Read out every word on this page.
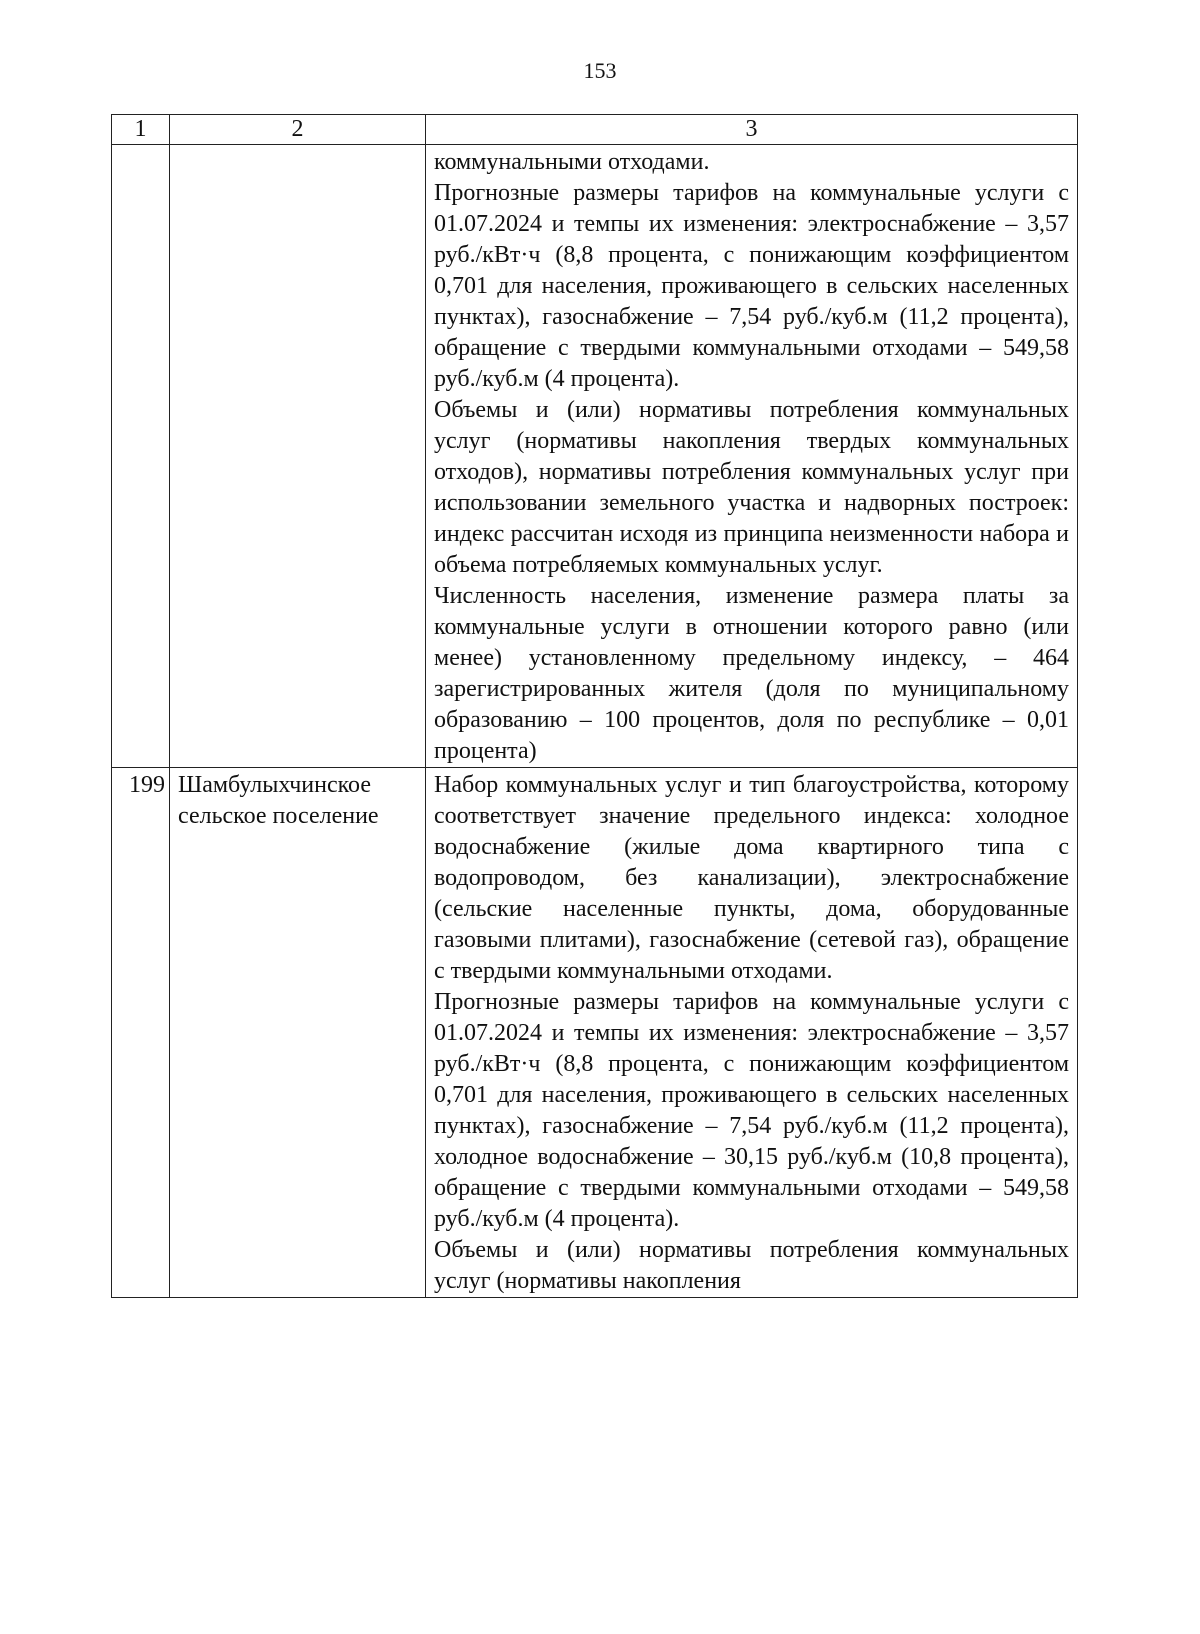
153
1	2	3

		коммунальными отходами.

Прогнозные размеры тарифов на коммунальные услуги с 01.07.2024 и темпы их изменения: электроснабжение – 3,57 руб./кВт·ч (8,8 процента, с понижающим коэффициентом 0,701 для населения, проживающего в сельских населенных пунктах), газоснабжение – 7,54 руб./куб.м (11,2 процента), обращение с твердыми коммунальными отходами – 549,58 руб./куб.м (4 процента).

Объемы и (или) нормативы потребления коммунальных услуг (нормативы накопления твердых коммунальных отходов), нормативы потребления коммунальных услуг при использовании земельного участка и надворных построек: индекс рассчитан исходя из принципа неизменности набора и объема потребляемых коммунальных услуг.

Численность населения, изменение размера платы за коммунальные услуги в отношении которого равно (или менее) установленному предельному индексу, – 464 зарегистрированных жителя (доля по муниципальному образованию – 100 процентов, доля по республике – 0,01 процента)

199	Шамбулыхчинское сельское поселение	Набор коммунальных услуг и тип благоустройства, которому соответствует значение предельного индекса: холодное водоснабжение (жилые дома квартирного типа с водопроводом, без канализации), электроснабжение (сельские населенные пункты, дома, оборудованные газовыми плитами), газоснабжение (сетевой газ), обращение с твердыми коммунальными отходами.

Прогнозные размеры тарифов на коммунальные услуги с 01.07.2024 и темпы их изменения: электроснабжение – 3,57 руб./кВт·ч (8,8 процента, с понижающим коэффициентом 0,701 для населения, проживающего в сельских населенных пунктах), газоснабжение – 7,54 руб./куб.м (11,2 процента), холодное водоснабжение – 30,15 руб./куб.м (10,8 процента), обращение с твердыми коммунальными отходами – 549,58 руб./куб.м (4 процента).

Объемы и (или) нормативы потребления коммунальных услуг (нормативы накопления
